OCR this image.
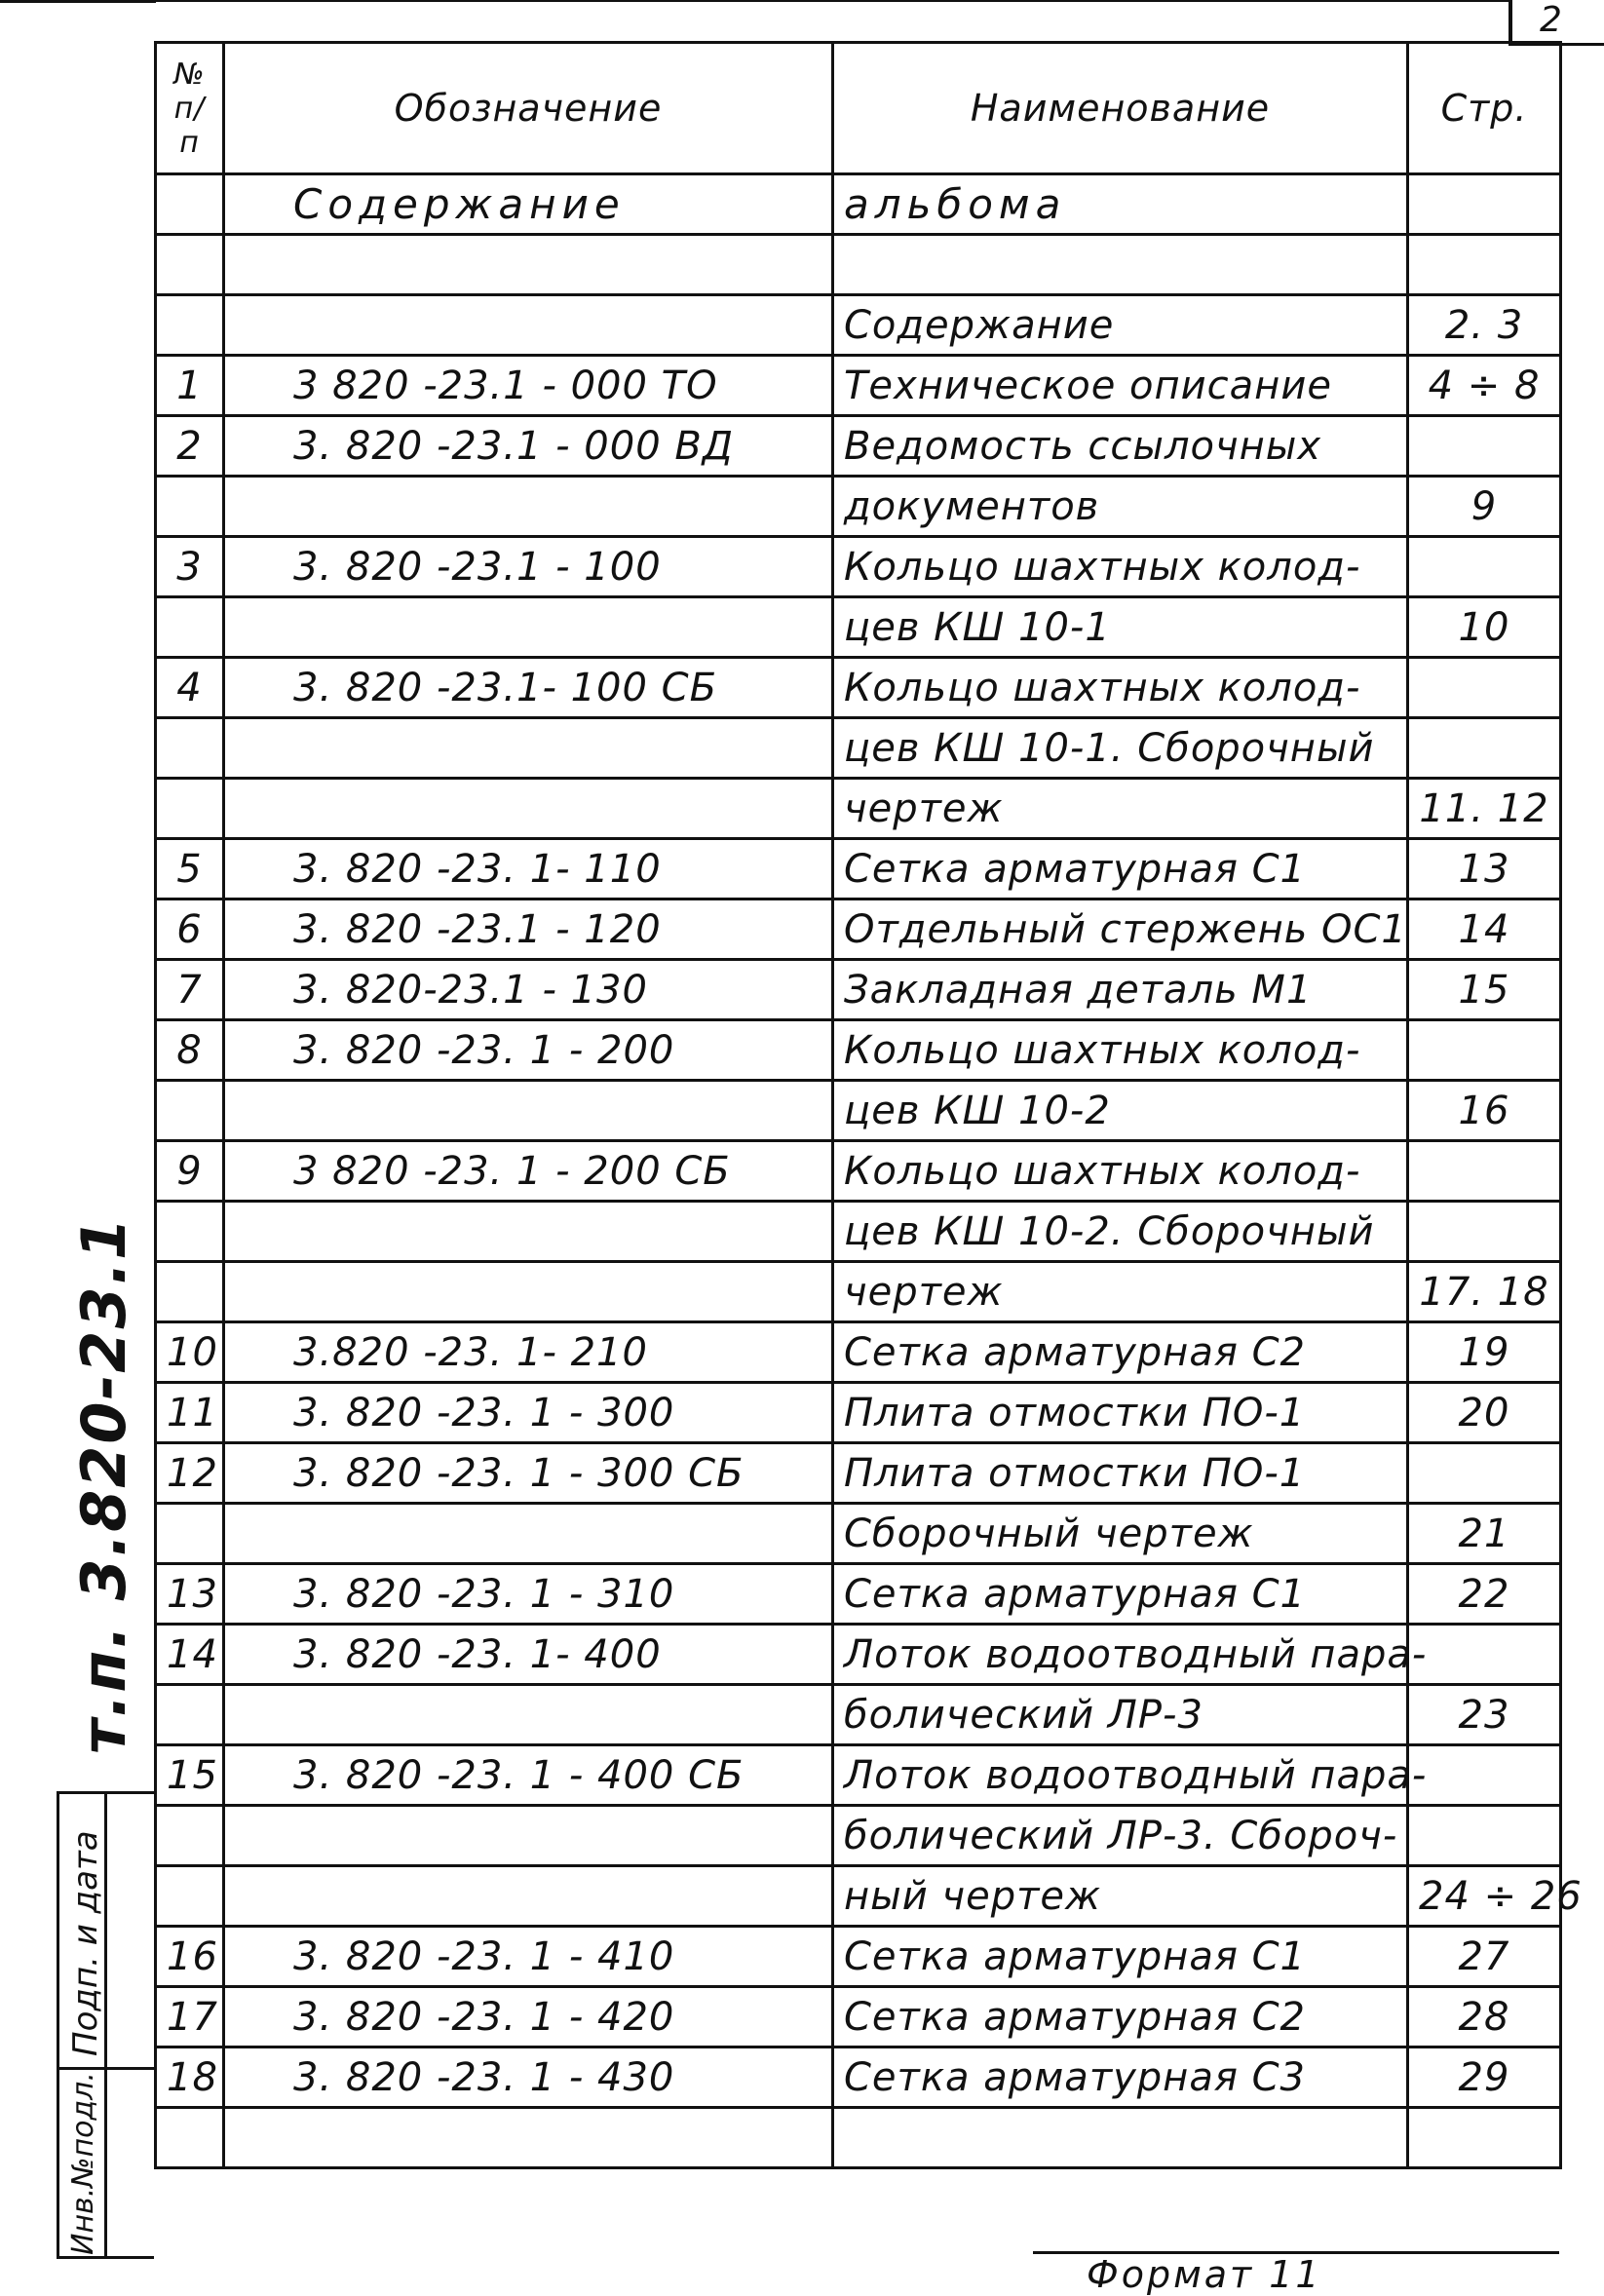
2
№ п/п	Обозначение	Наименование	Стр.
	Содержание	альбома	

		Содержание	2. 3
1	3 820 -23.1 - 000 ТО	Техническое описание	4 ÷ 8
2	3. 820 -23.1 - 000 ВД	Ведомость ссылочных	
		документов	9
3	3. 820 -23.1 - 100	Кольцо шахтных колод-	
		цев КШ 10-1	10
4	3. 820 -23.1- 100 СБ	Кольцо шахтных колод-	
		цев КШ 10-1. Сборочный	
		чертеж	11. 12
5	3. 820 -23. 1- 110	Сетка арматурная С1	13
6	3. 820 -23.1 - 120	Отдельный стержень ОС1	14
7	3. 820-23.1 - 130	Закладная деталь М1	15
8	3. 820 -23. 1 - 200	Кольцо шахтных колод-	
		цев КШ 10-2	16
9	3 820 -23. 1 - 200 СБ	Кольцо шахтных колод-	
		цев КШ 10-2. Сборочный	
		чертеж	17. 18
10	3.820 -23. 1- 210	Сетка арматурная С2	19
11	3. 820 -23. 1 - 300	Плита отмостки ПО-1	20
12	3. 820 -23. 1 - 300 СБ	Плита отмостки ПО-1	
		Сборочный чертеж	21
13	3. 820 -23. 1 - 310	Сетка арматурная С1	22
14	3. 820 -23. 1- 400	Лоток водоотводный пара-	
		болический ЛР-3	23
15	3. 820 -23. 1 - 400 СБ	Лоток водоотводный пара-	
		болический ЛР-3. Сбороч-	
		ный чертеж	24 ÷ 26
16	3. 820 -23. 1 - 410	Сетка арматурная С1	27
17	3. 820 -23. 1 - 420	Сетка арматурная С2	28
18	3. 820 -23. 1 - 430	Сетка арматурная С3	29

т.п. 3.820-23.1
Подп. и дата
Инв.№подл.
Формат 11
